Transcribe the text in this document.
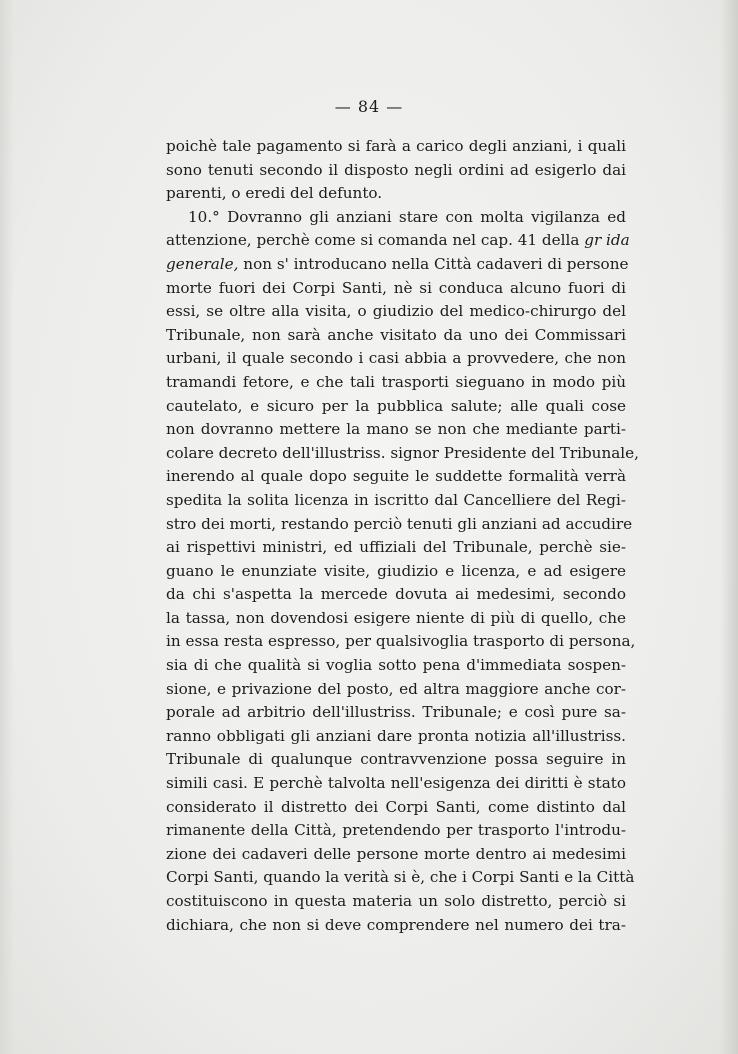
— 84 —
poichè tale pagamento si farà a carico degli anziani, i quali
sono tenuti secondo il disposto negli ordini ad esigerlo dai
parenti, o eredi del defunto.
10.° Dovranno gli anziani stare con molta vigilanza ed
attenzione, perchè come si comanda nel cap. 41 della gr ida
generale, non s' introducano nella Città cadaveri di persone
morte fuori dei Corpi Santi, nè si conduca alcuno fuori di
essi, se oltre alla visita, o giudizio del medico-chirurgo del
Tribunale, non sarà anche visitato da uno dei Commissari
urbani, il quale secondo i casi abbia a provvedere, che non
tramandi fetore, e che tali trasporti sieguano in modo più
cautelato, e sicuro per la pubblica salute; alle quali cose
non dovranno mettere la mano se non che mediante parti-
colare decreto dell'illustriss. signor Presidente del Tribunale,
inerendo al quale dopo seguite le suddette formalità verrà
spedita la solita licenza in iscritto dal Cancelliere del Regi-
stro dei morti, restando perciò tenuti gli anziani ad accudire
ai rispettivi ministri, ed uffiziali del Tribunale, perchè sie-
guano le enunziate visite, giudizio e licenza, e ad esigere
da chi s'aspetta la mercede dovuta ai medesimi, secondo
la tassa, non dovendosi esigere niente di più di quello, che
in essa resta espresso, per qualsivoglia trasporto di persona,
sia di che qualità si voglia sotto pena d'immediata sospen-
sione, e privazione del posto, ed altra maggiore anche cor-
porale ad arbitrio dell'illustriss. Tribunale; e così pure sa-
ranno obbligati gli anziani dare pronta notizia all'illustriss.
Tribunale di qualunque contravvenzione possa seguire in
simili casi. E perchè talvolta nell'esigenza dei diritti è stato
considerato il distretto dei Corpi Santi, come distinto dal
rimanente della Città, pretendendo per trasporto l'introdu-
zione dei cadaveri delle persone morte dentro ai medesimi
Corpi Santi, quando la verità si è, che i Corpi Santi e la Città
costituiscono in questa materia un solo distretto, perciò si
dichiara, che non si deve comprendere nel numero dei tra-
